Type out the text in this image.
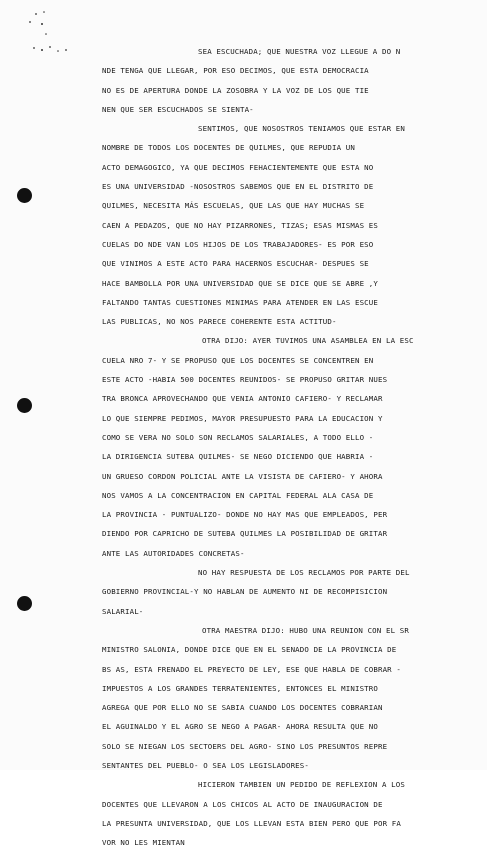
SEA ESCUCHADA; QUE NUESTRA VOZ LLEGUE A DO N
NDE TENGA QUE LLEGAR, POR ESO DECIMOS, QUE ESTA DEMOCRACIA
NO ES DE APERTURA DONDE LA ZOSOBRA Y LA VOZ DE LOS QUE TIE
NEN QUE SER ESCUCHADOS SE SIENTA-
SENTIMOS, QUE NOSOSTROS TENIAMOS QUE ESTAR EN
NOMBRE DE TODOS LOS DOCENTES DE QUILMES, QUE REPUDIA UN
ACTO DEMAGOGICO, YA QUE DECIMOS FEHACIENTEMENTE QUE ESTA NO
ES UNA UNIVERSIDAD -NOSOSTROS SABEMOS QUE EN EL DISTRITO DE
QUILMES, NECESITA MÁS ESCUELAS, QUE LAS QUE HAY MUCHAS SE
CAEN A PEDAZOS, QUE NO HAY PIZARRONES, TIZAS; ESAS MISMAS ES
CUELAS DO NDE VAN LOS HIJOS DE LOS TRABAJADORES- ES POR ESO
QUE VINIMOS A ESTE ACTO PARA HACERNOS ESCUCHAR- DESPUES SE
HACE BAMBOLLA POR UNA UNIVERSIDAD QUE SE DICE QUE SE ABRE ,Y
FALTANDO TANTAS CUESTIONES MINIMAS PARA ATENDER EN LAS ESCUE
LAS PUBLICAS, NO NOS PARECE COHERENTE ESTA ACTITUD-
OTRA DIJO: AYER TUVIMOS UNA ASAMBLEA EN LA ESC
CUELA NRO 7- Y SE PROPUSO QUE LOS DOCENTES SE CONCENTREN EN
ESTE ACTO -HABIA 500 DOCENTES REUNIDOS- SE PROPUSO GRITAR NUES
TRA BRONCA APROVECHANDO QUE VENIA ANTONIO CAFIERO- Y RECLAMAR
LO QUE SIEMPRE PEDIMOS, MAYOR PRESUPUESTO PARA LA EDUCACION Y
COMO SE VERA NO SOLO SON RECLAMOS SALARIALES, A TODO ELLO -
LA DIRIGENCIA SUTEBA QUILMES- SE NEGO DICIENDO QUE HABRIA -
UN GRUESO CORDON POLICIAL ANTE LA VISISTA DE CAFIERO- Y AHORA
NOS VAMOS A LA CONCENTRACION EN CAPITAL FEDERAL ALA CASA DE
LA PROVINCIA - PUNTUALIZO- DONDE NO HAY MAS QUE EMPLEADOS, PER
DIENDO POR CAPRICHO DE SUTEBA QUILMES LA POSIBILIDAD DE GRITAR
ANTE LAS AUTORIDADES CONCRETAS-
NO HAY RESPUESTA DE LOS RECLAMOS POR PARTE DEL
GOBIERNO PROVINCIAL-Y NO HABLAN DE AUMENTO NI DE RECOMPISICION
SALARIAL-
OTRA MAESTRA DIJO: HUBO UNA REUNION CON EL SR
MINISTRO SALONIA, DONDE DICE QUE EN EL SENADO DE LA PROVINCIA DE
BS AS, ESTA FRENADO EL PREYECTO DE LEY, ESE QUE HABLA DE COBRAR -
IMPUESTOS A LOS GRANDES TERRATENIENTES, ENTONCES EL MINISTRO
AGREGA QUE POR ELLO NO SE SABIA CUANDO LOS DOCENTES COBRARIAN
EL AGUINALDO Y EL AGRO SE NEGO A PAGAR- AHORA RESULTA QUE NO
SOLO SE NIEGAN LOS SECTOERS DEL AGRO- SINO LOS PRESUNTOS REPRE
SENTANTES DEL PUEBLO- O SEA LOS LEGISLADORES-
HICIERON TAMBIEN UN PEDIDO DE REFLEXION A LOS
DOCENTES QUE LLEVARON A LOS CHICOS AL ACTO DE INAUGURACION DE
LA PRESUNTA UNIVERSIDAD, QUE LOS LLEVAN ESTA BIEN PERO QUE POR FA
VOR NO LES MIENTAN
